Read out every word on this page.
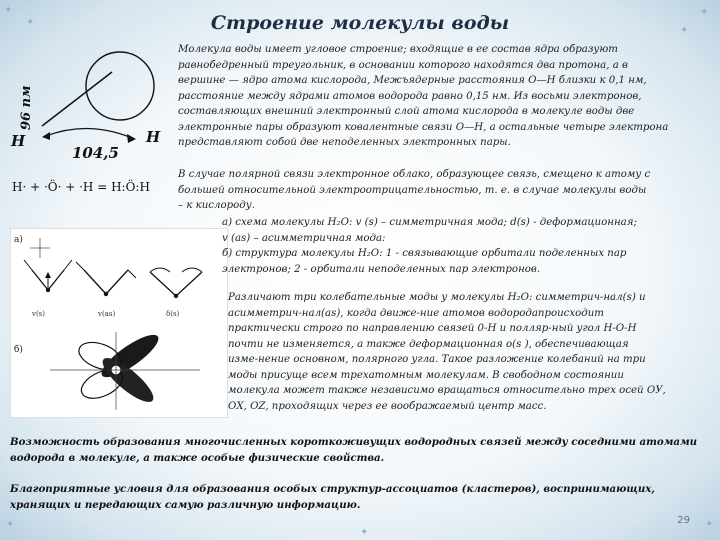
✦
✦
✦
✦
✦	✦
✦
Строение молекулы воды
H	H
104,5
96 пм
Молекула воды имеет угловое строение; входящие в ее состав ядра образуют
равнобедренный треугольник, в основании которого находятся два протона, а в
вершине — ядро атома кислорода, Межъядерные расстояния О—Н близки к 0,1 нм,
расстояние между ядрами атомов водорода равно 0,15 нм. Из восьми электронов,
составляющих внешний электронный слой атома кислорода в молекуле воды две
электронные пары образуют ковалентные связи О—Н, а остальные четыре электрона
представляют собой две неподеленных электронных пары.
H· + ·Ö· + ·H = H:Ö:H
В случае полярной связи электронное облако, образующее связь, смещено к атому с
большей относительной электроотрицательностью, т. е. в случае молекулы воды
– к кислороду.
а)
v(s)	v(as)	δ(s)
б)
а) схема молекулы H₂O: v (s) – симметричная мода; d(s) - деформационная;
v (as) – асимметричная мода:
б) структура молекулы H₂O: 1 - связывающие орбитали поделенных пар
электронов; 2 - орбитали неподеленных пар электронов.
Различают три колебательные моды у молекулы H₂O: симметрич-нал(s) и
асимметрич-нал(as), когда движе-ние атомов водородапроисходит
практически строго по направлению связей 0-Н и полляр-ный угол Н-О-Н
почти не изменяется, а также деформационная о(s ), обеспечивающая
изме-нение основном, полярного угла. Такое разложение колебаний на три
моды присуще всем трехатомным молекулам. В свободном состоянии
молекула может также независимо вращаться относительно трех осей ОУ,
ОХ, OZ, проходящих через ее воображаемый центр масс.
Возможность образования многочисленных короткоживущих водородных связей между соседними атомами
водорода в молекуле, а также особые физические свойства.
Благоприятные условия для образования особых структур-ассоциатов (кластеров), воспринимающих,
хранящих и передающих самую различную информацию.
29
